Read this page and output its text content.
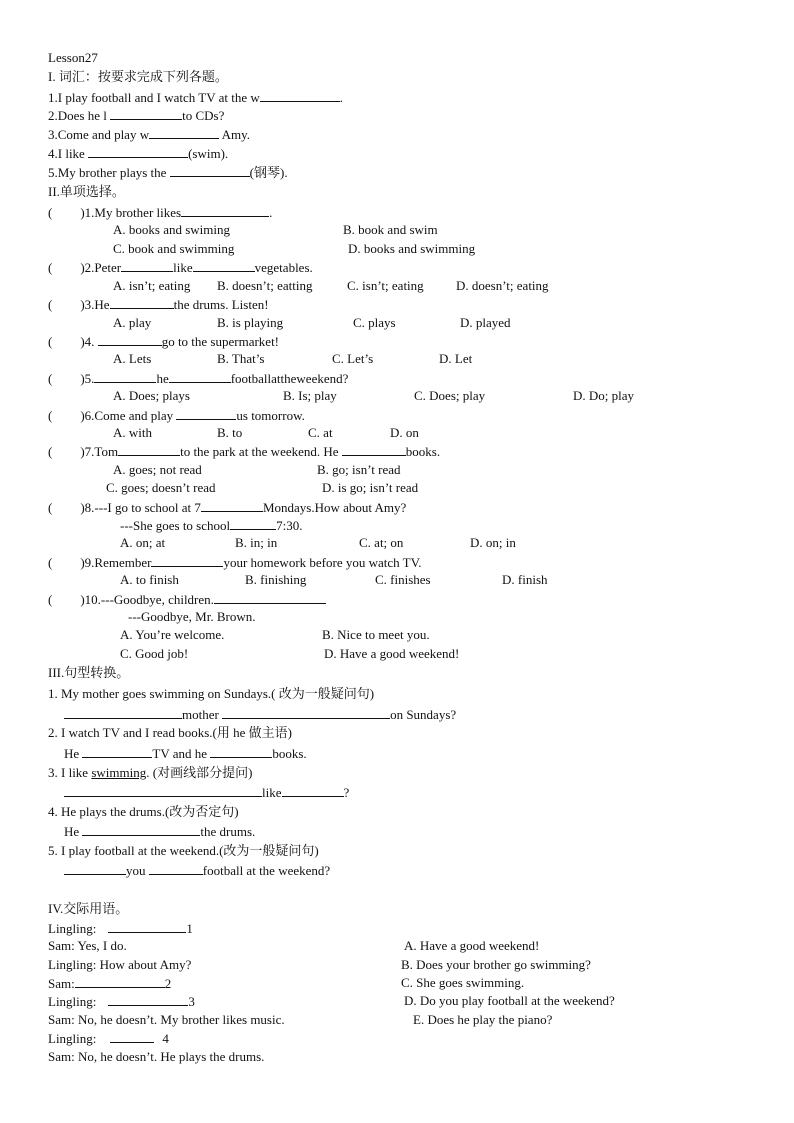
Lesson27
I. 词汇：按要求完成下列各题。
1.I play football and I watch TV at the w	.
2.Does he l	to CDs?
3.Come and play w	Amy.
4.I like	(swim).
5.My brother plays the	(钢琴).
II.单项选择。
( )1.My brother likes	.
A. books and swiming	B. book and swim
C. book and swimming	D. books and swimming
( )2.Peter	like	vegetables.
A. isn’t; eating B. doesn’t; eatting	C. isn’t; eating D. doesn’t; eating
( )3.He	the drums. Listen!
A. play	B. is playing	C. plays	D. played
( )4.	go to the supermarket!
A. Lets	B. That’s	C. Let’s	D. Let
( )5.	he	footballattheweekend?
A. Does; plays	B. Is; play	C. Does; play	D. Do; play
( )6.Come and play	us tomorrow.
A. with	B. to	C. at	D. on
( )7.Tom	to the park at the weekend. He	books.
A. goes; not read	B. go; isn’t read
C. goes; doesn’t read	D. is go; isn’t read
( )8.---I go to school at 7	Mondays.How about Amy?
---She goes to school	7:30.
A. on; at	B. in; in	C. at; on	D. on; in
( )9.Remember	your homework before you watch TV.
A. to finish	B. finishing	C. finishes	D. finish
( )10.---Goodbye, children.
---Goodbye, Mr. Brown.
A. You’re welcome.	B. Nice to meet you.
C. Good job!	D. Have a good weekend!
III.句型转换。
1. My mother goes swimming on Sundays.( 改为一般疑问句)
mother	on Sundays?
2. I watch TV and I read books.(用 he 做主语)
He	TV and he	books.
3. I like swimming. (对画线部分提问)
like	?
4. He plays the drums.(改为否定句)
He	the drums.
5. I play football at the weekend.(改为一般疑问句)
you	football at the weekend?
IV.交际用语。
Lingling:	1
Sam: Yes, I do.
Lingling: How about Amy?
Sam:	2
Lingling:	3
Sam: No, he doesn’t. My brother likes music.
Lingling:	4
Sam: No, he doesn’t. He plays the drums.
A. Have a good weekend!
B. Does your brother go swimming?
C. She goes swimming.
D. Do you play football at the weekend?
E. Does he play the piano?
